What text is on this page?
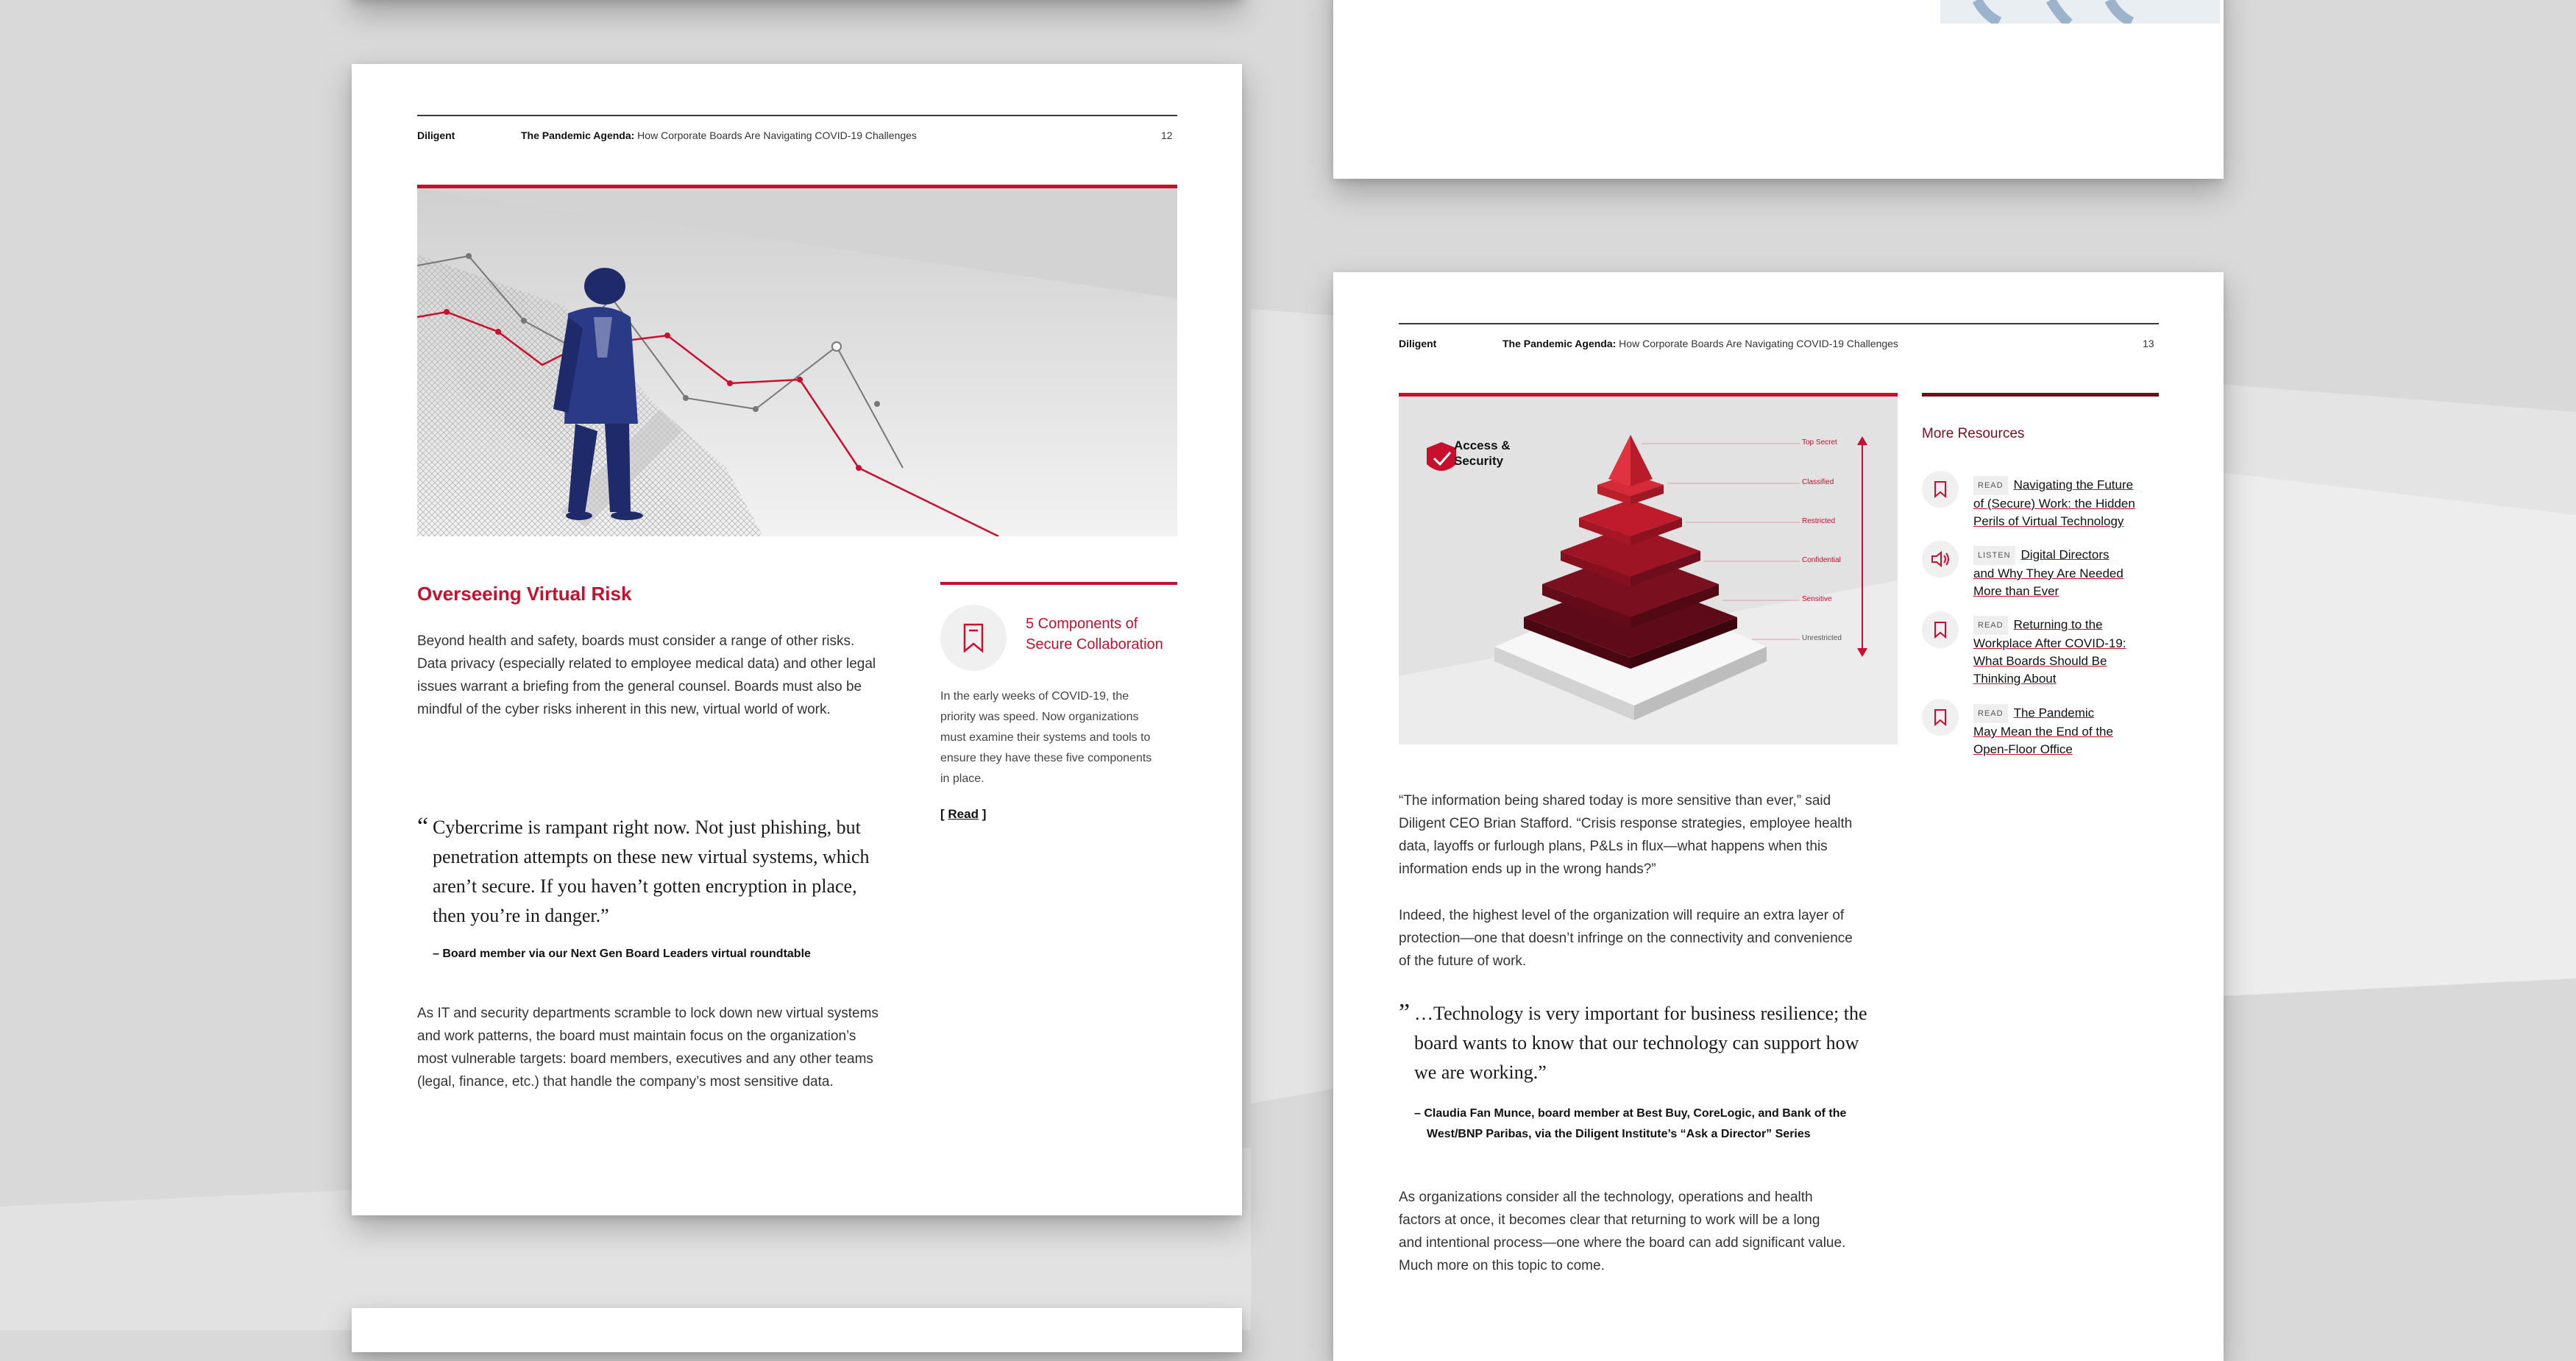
Diligent	The Pandemic Agenda: How Corporate Boards Are Navigating COVID-19 Challenges	12
Overseeing Virtual Risk
Beyond health and safety, boards must consider a range of other risks.
Data privacy (especially related to employee medical data) and other legal
issues warrant a briefing from the general counsel. Boards must also be
mindful of the cyber risks inherent in this new, virtual world of work.
“ Cybercrime is rampant right now. Not just phishing, but
penetration attempts on these new virtual systems, which
aren’t secure. If you haven’t gotten encryption in place,
then you’re in danger.”
– Board member via our Next Gen Board Leaders virtual roundtable
As IT and security departments scramble to lock down new virtual systems
and work patterns, the board must maintain focus on the organization’s
most vulnerable targets: board members, executives and any other teams
(legal, finance, etc.) that handle the company’s most sensitive data.
5 Components of
Secure Collaboration
In the early weeks of COVID-19, the
priority was speed. Now organizations
must examine their systems and tools to
ensure they have these five components
in place.
[ Read ]
Diligent	The Pandemic Agenda: How Corporate Boards Are Navigating COVID-19 Challenges	13
Access &
Security
Top Secret
Classified
Restricted
Confidential
Sensitive
Unrestricted
“The information being shared today is more sensitive than ever,” said
Diligent CEO Brian Stafford. “Crisis response strategies, employee health
data, layoffs or furlough plans, P&Ls in flux—what happens when this
information ends up in the wrong hands?”
Indeed, the highest level of the organization will require an extra layer of
protection—one that doesn’t infringe on the connectivity and convenience
of the future of work.
” …Technology is very important for business resilience; the
board wants to know that our technology can support how
we are working.”
– Claudia Fan Munce, board member at Best Buy, CoreLogic, and Bank of the
West/BNP Paribas, via the Diligent Institute’s “Ask a Director” Series
As organizations consider all the technology, operations and health
factors at once, it becomes clear that returning to work will be a long
and intentional process—one where the board can add significant value.
Much more on this topic to come.
More Resources
READ Navigating the Future
of (Secure) Work: the Hidden
Perils of Virtual Technology
LISTEN Digital Directors
and Why They Are Needed
More than Ever
READ Returning to the
Workplace After COVID-19:
What Boards Should Be
Thinking About
READ The Pandemic
May Mean the End of the
Open-Floor Office
